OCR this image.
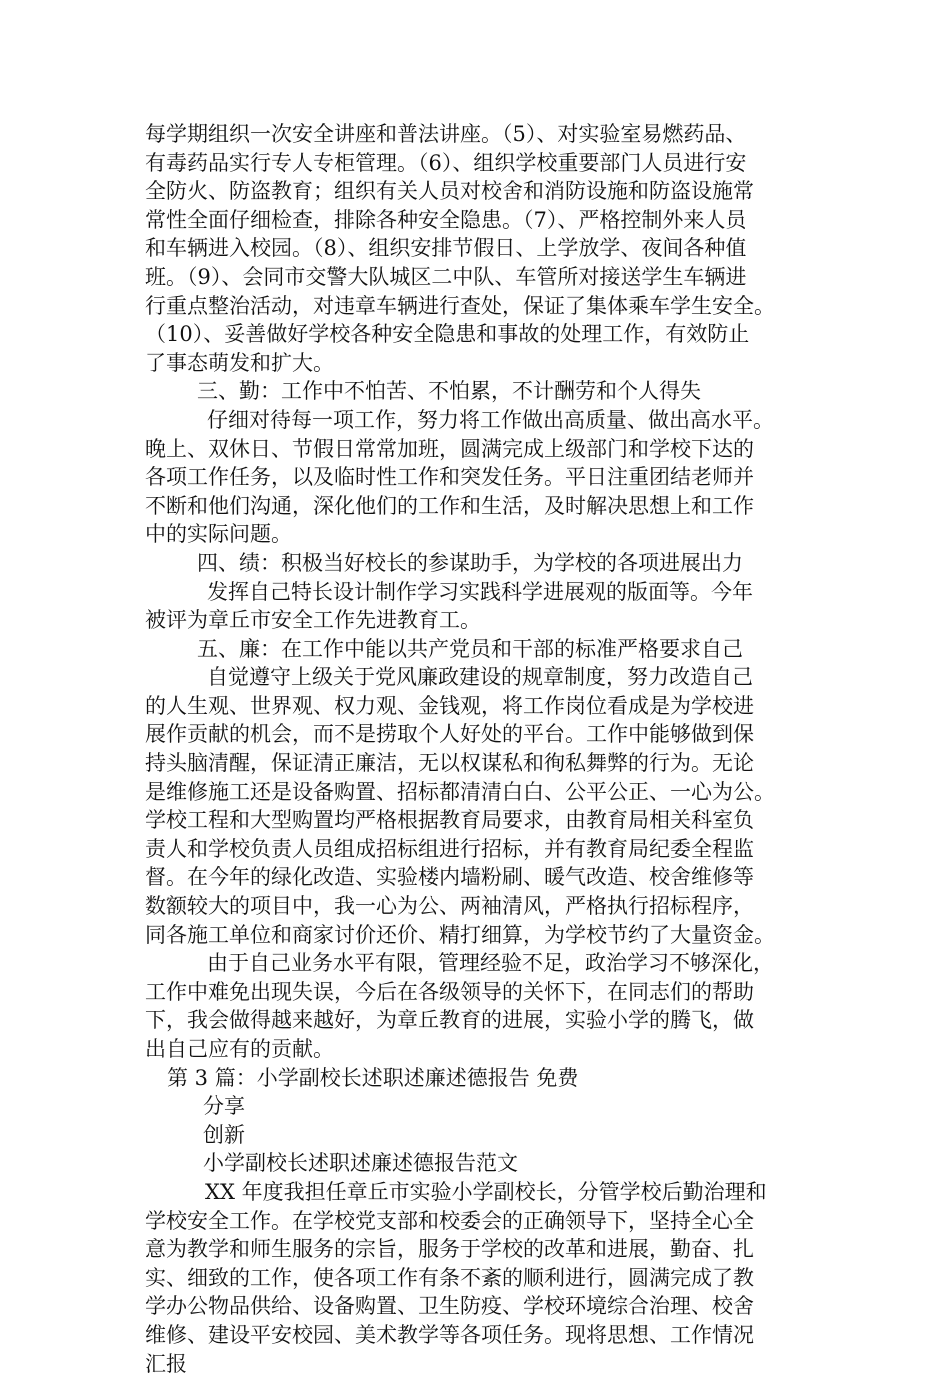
每学期组织一次安全讲座和普法讲座。（5）、对实验室易燃药品、
有毒药品实行专人专柜管理。（6）、组织学校重要部门人员进行安
全防火、防盗教育；组织有关人员对校舍和消防设施和防盗设施常
常性全面仔细检查，排除各种安全隐患。（7）、严格控制外来人员
和车辆进入校园。（8）、组织安排节假日、上学放学、夜间各种值
班。（9）、会同市交警大队城区二中队、车管所对接送学生车辆进
行重点整治活动，对违章车辆进行查处，保证了集体乘车学生安全。
（10）、妥善做好学校各种安全隐患和事故的处理工作，有效防止
了事态萌发和扩大。
三、勤：工作中不怕苦、不怕累，不计酬劳和个人得失
仔细对待每一项工作，努力将工作做出高质量、做出高水平。
晚上、双休日、节假日常常加班，圆满完成上级部门和学校下达的
各项工作任务，以及临时性工作和突发任务。平日注重团结老师并
不断和他们沟通，深化他们的工作和生活，及时解决思想上和工作
中的实际问题。
四、绩：积极当好校长的参谋助手，为学校的各项进展出力
发挥自己特长设计制作学习实践科学进展观的版面等。今年
被评为章丘市安全工作先进教育工。
五、廉：在工作中能以共产党员和干部的标准严格要求自己
自觉遵守上级关于党风廉政建设的规章制度，努力改造自己
的人生观、世界观、权力观、金钱观，将工作岗位看成是为学校进
展作贡献的机会，而不是捞取个人好处的平台。工作中能够做到保
持头脑清醒，保证清正廉洁，无以权谋私和徇私舞弊的行为。无论
是维修施工还是设备购置、招标都清清白白、公平公正、一心为公。
学校工程和大型购置均严格根据教育局要求，由教育局相关科室负
责人和学校负责人员组成招标组进行招标，并有教育局纪委全程监
督。在今年的绿化改造、实验楼内墙粉刷、暖气改造、校舍维修等
数额较大的项目中，我一心为公、两袖清风，严格执行招标程序，
同各施工单位和商家讨价还价、精打细算，为学校节约了大量资金。
由于自己业务水平有限，管理经验不足，政治学习不够深化，
工作中难免出现失误，今后在各级领导的关怀下，在同志们的帮助
下，我会做得越来越好，为章丘教育的进展，实验小学的腾飞，做
出自己应有的贡献。
第 3 篇：小学副校长述职述廉述德报告 免费
分享
创新
小学副校长述职述廉述德报告范文
XX 年度我担任章丘市实验小学副校长，分管学校后勤治理和
学校安全工作。在学校党支部和校委会的正确领导下，坚持全心全
意为教学和师生服务的宗旨，服务于学校的改革和进展，勤奋、扎
实、细致的工作，使各项工作有条不紊的顺利进行，圆满完成了教
学办公物品供给、设备购置、卫生防疫、学校环境综合治理、校舍
维修、建设平安校园、美术教学等各项任务。现将思想、工作情况
汇报
